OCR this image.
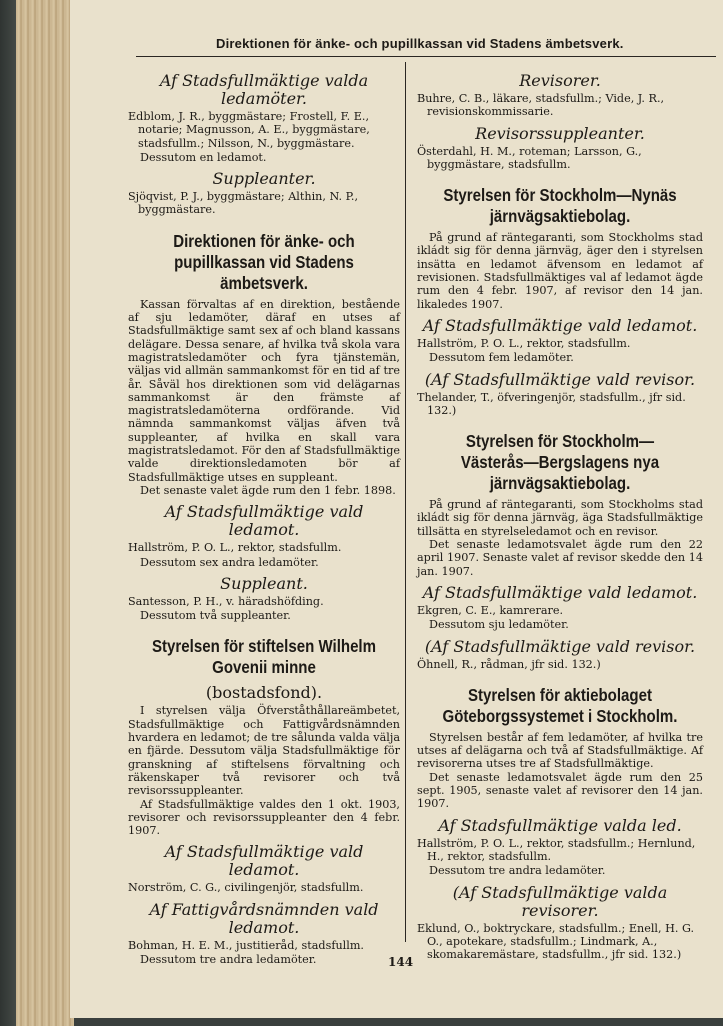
Direktionen för änke- och pupillkassan vid Stadens ämbetsverk.
Af Stadsfullmäktige valda ledamöter.

Edblom, J. R., byggmästare; Frostell, F. E., notarie; Magnusson, A. E., byggmästare, stadsfullm.; Nilsson, N., byggmästare.

Dessutom en ledamot.

Suppleanter.

Sjöqvist, P. J., byggmästare; Althin, N. P., byggmästare.

Direktionen för änke- och pupillkassan vid Stadens ämbetsverk.

Kassan förvaltas af en direktion, bestående af sju ledamöter, däraf en utses af Stadsfullmäktige samt sex af och bland kassans delägare. Dessa senare, af hvilka två skola vara magistratsledamöter och fyra tjänstemän, väljas vid allmän sammankomst för en tid af tre år. Såväl hos direktionen som vid delägarnas sammankomst är den främste af magistratsledamöterna ordförande. Vid nämnda sammankomst väljas äfven två suppleanter, af hvilka en skall vara magistratsledamot. För den af Stadsfullmäktige valde direktionsledamoten bör af Stadsfullmäktige utses en suppleant.

Det senaste valet ägde rum den 1 febr. 1898.

Af Stadsfullmäktige vald ledamot.

Hallström, P. O. L., rektor, stadsfullm.

Dessutom sex andra ledamöter.

Suppleant.

Santesson, P. H., v. häradshöfding.

Dessutom två suppleanter.

Styrelsen för stiftelsen Wilhelm Govenii minne
(bostadsfond).

I styrelsen välja Öfverståthållareämbetet, Stadsfullmäktige och Fattigvårdsnämnden hvardera en ledamot; de tre sålunda valda välja en fjärde. Dessutom välja Stadsfullmäktige för granskning af stiftelsens förvaltning och räkenskaper två revisorer och två revisorssuppleanter.

Af Stadsfullmäktige valdes den 1 okt. 1903, revisorer och revisorssuppleanter den 4 febr. 1907.

Af Stadsfullmäktige vald ledamot.

Norström, C. G., civilingenjör, stadsfullm.

Af Fattigvårdsnämnden vald ledamot.

Bohman, H. E. M., justitieråd, stadsfullm.

Dessutom tre andra ledamöter.

Revisorer.

Buhre, C. B., läkare, stadsfullm.; Vide, J. R., revisionskommissarie.

Revisorssuppleanter.

Österdahl, H. M., roteman; Larsson, G., byggmästare, stadsfullm.

Styrelsen för Stockholm—Nynäs järnvägsaktiebolag.

På grund af räntegaranti, som Stockholms stad ikládt sig för denna järnväg, äger den i styrelsen insätta en ledamot äfvensom en ledamot af revisionen. Stadsfullmäktiges val af ledamot ägde rum den 4 febr. 1907, af revisor den 14 jan. likaledes 1907.

Af Stadsfullmäktige vald ledamot.

Hallström, P. O. L., rektor, stadsfullm.

Dessutom fem ledamöter.

(Af Stadsfullmäktige vald revisor.

Thelander, T., öfveringenjör, stadsfullm., jfr sid. 132.)

Styrelsen för Stockholm—Västerås—Bergslagens nya järnvägsaktiebolag.

På grund af räntegaranti, som Stockholms stad ikládt sig för denna järnväg, äga Stadsfullmäktige tillsätta en styrelseledamot och en revisor.

Det senaste ledamotsvalet ägde rum den 22 april 1907. Senaste valet af revisor skedde den 14 jan. 1907.

Af Stadsfullmäktige vald ledamot.

Ekgren, C. E., kamrerare.

Dessutom sju ledamöter.

(Af Stadsfullmäktige vald revisor.

Öhnell, R., rådman, jfr sid. 132.)

Styrelsen för aktiebolaget Göteborgssystemet i Stockholm.

Styrelsen består af fem ledamöter, af hvilka tre utses af delägarna och två af Stadsfullmäktige. Af revisorerna utses tre af Stadsfullmäktige.

Det senaste ledamotsvalet ägde rum den 25 sept. 1905, senaste valet af revisorer den 14 jan. 1907.

Af Stadsfullmäktige valda led.

Hallström, P. O. L., rektor, stadsfullm.; Hernlund, H., rektor, stadsfullm.

Dessutom tre andra ledamöter.

(Af Stadsfullmäktige valda revisorer.

Eklund, O., boktryckare, stadsfullm.; Enell, H. G. O., apotekare, stadsfullm.; Lindmark, A., skomakaremästare, stadsfullm., jfr sid. 132.)

144
